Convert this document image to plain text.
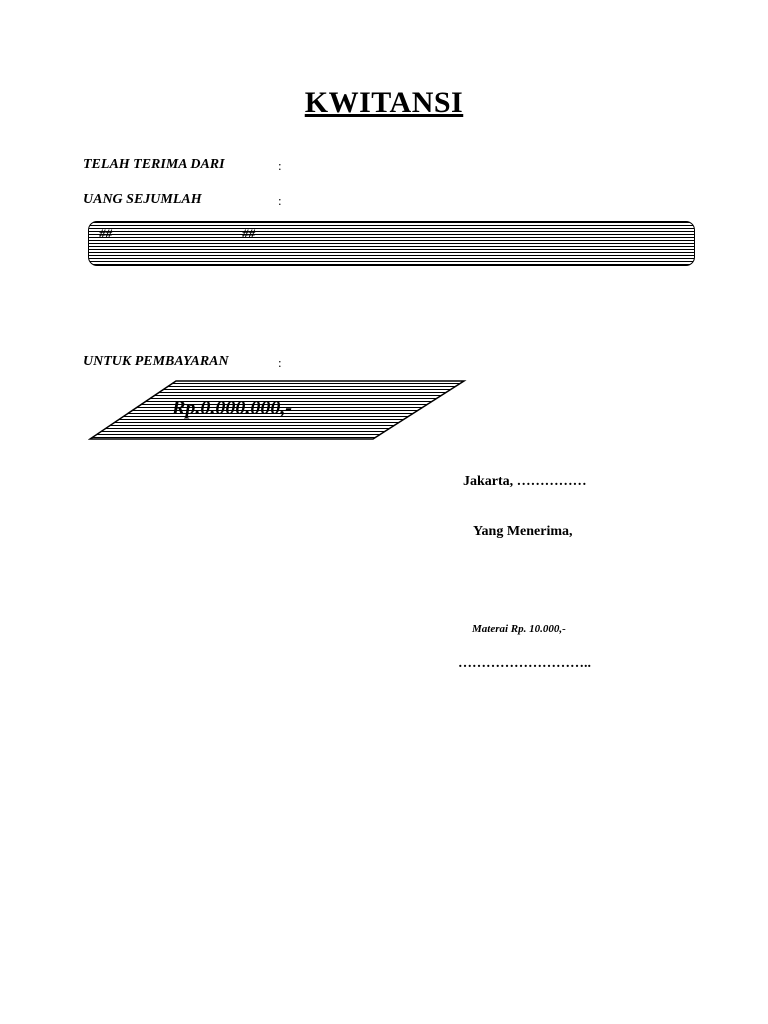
KWITANSI
TELAH TERIMA DARI	:
UANG SEJUMLAH	:
##	##
UNTUK PEMBAYARAN	:
Rp.0.000.000,-
Jakarta, ……………
Yang Menerima,
Materai Rp. 10.000,-
………………………..
